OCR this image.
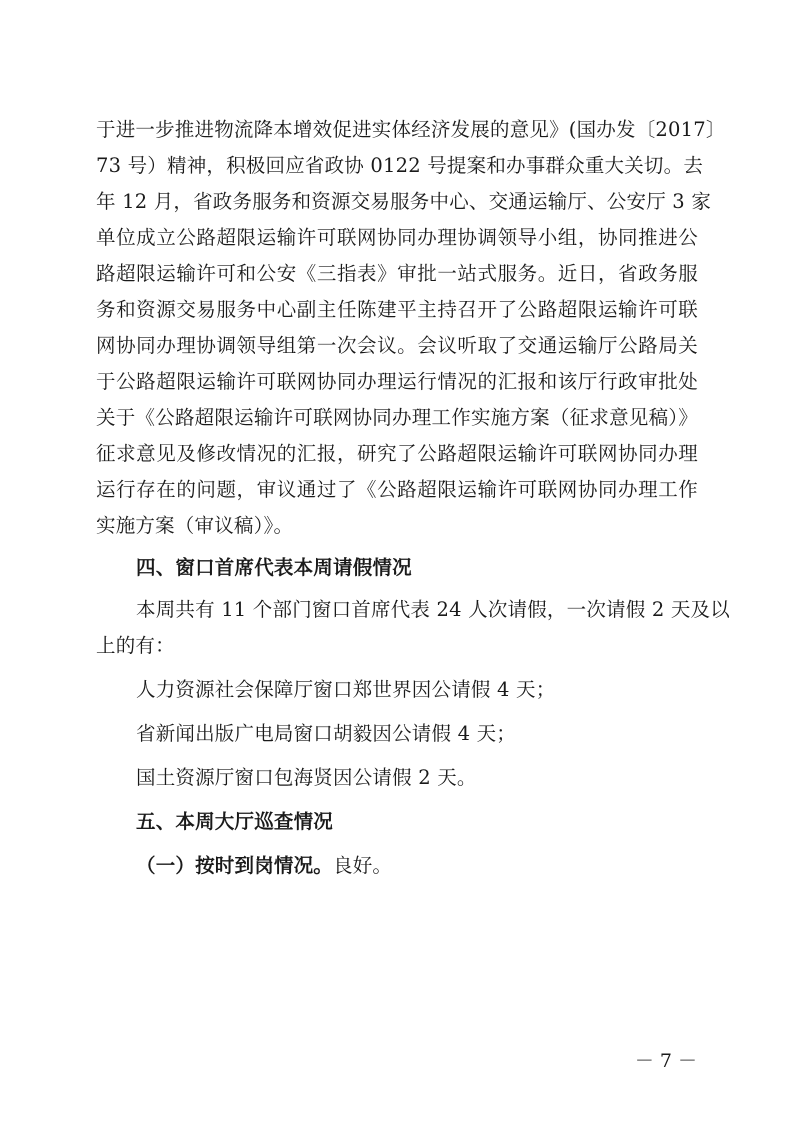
于进一步推进物流降本增效促进实体经济发展的意见》(国办发〔2017〕
73 号）精神，积极回应省政协 0122 号提案和办事群众重大关切。去
年 12 月，省政务服务和资源交易服务中心、交通运输厅、公安厅 3 家
单位成立公路超限运输许可联网协同办理协调领导小组，协同推进公
路超限运输许可和公安《三指表》审批一站式服务。近日，省政务服
务和资源交易服务中心副主任陈建平主持召开了公路超限运输许可联
网协同办理协调领导组第一次会议。会议听取了交通运输厅公路局关
于公路超限运输许可联网协同办理运行情况的汇报和该厅行政审批处
关于《公路超限运输许可联网协同办理工作实施方案（征求意见稿）》
征求意见及修改情况的汇报，研究了公路超限运输许可联网协同办理
运行存在的问题，审议通过了《公路超限运输许可联网协同办理工作
实施方案（审议稿）》。
四、窗口首席代表本周请假情况
本周共有 11 个部门窗口首席代表 24 人次请假，一次请假 2 天及以
上的有：
人力资源社会保障厅窗口郑世界因公请假 4 天；
省新闻出版广电局窗口胡毅因公请假 4 天；
国土资源厅窗口包海贤因公请假 2 天。
五、本周大厅巡查情况
（一）按时到岗情况。良好。
－ 7 －
